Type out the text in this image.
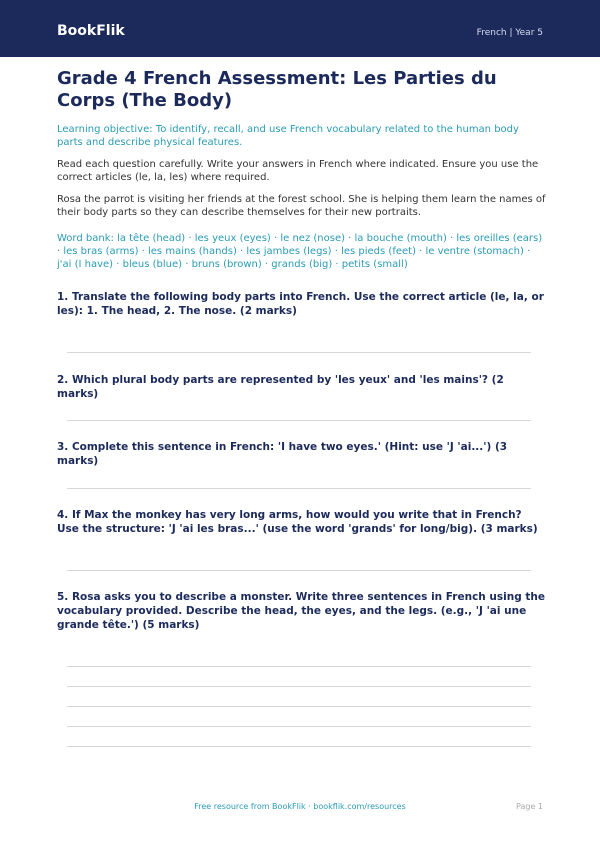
BookFlik	French | Year 5
Grade 4 French Assessment: Les Parties du Corps (The Body)

Learning objective: To identify, recall, and use French vocabulary related to the human body parts and describe physical features.

Read each question carefully. Write your answers in French where indicated. Ensure you use the correct articles (le, la, les) where required.

Rosa the parrot is visiting her friends at the forest school. She is helping them learn the names of their body parts so they can describe themselves for their new portraits.

Word bank: la tête (head) · les yeux (eyes) · le nez (nose) · la bouche (mouth) · les oreilles (ears) · les bras (arms) · les mains (hands) · les jambes (legs) · les pieds (feet) · le ventre (stomach) · j'ai (I have) · bleus (blue) · bruns (brown) · grands (big) · petits (small)

1. Translate the following body parts into French. Use the correct article (le, la, or les): 1. The head, 2. The nose. (2 marks)

2. Which plural body parts are represented by 'les yeux' and 'les mains'? (2 marks)

3. Complete this sentence in French: 'I have two eyes.' (Hint: use 'J 'ai...') (3 marks)

4. If Max the monkey has very long arms, how would you write that in French? Use the structure: 'J 'ai les bras...' (use the word 'grands' for long/big). (3 marks)

5. Rosa asks you to describe a monster. Write three sentences in French using the vocabulary provided. Describe the head, the eyes, and the legs. (e.g., 'J 'ai une grande tête.') (5 marks)

Free resource from BookFlik · bookflik.com/resources	Page 1
